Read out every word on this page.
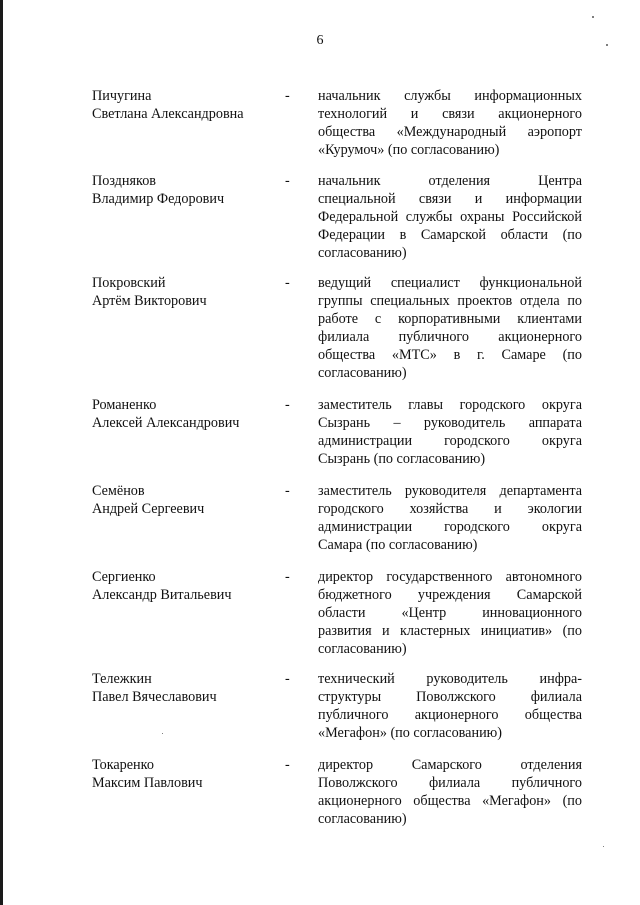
6
Пичугина
Светлана Александровна
- начальник службы информационных
технологий и связи акционерного
общества «Международный аэропорт
«Курумоч» (по согласованию)
Поздняков
Владимир Федорович
- начальник отделения Центра
специальной связи и информации
Федеральной службы охраны Российской
Федерации в Самарской области (по
согласованию)
Покровский
Артём Викторович
- ведущий специалист функциональной
группы специальных проектов отдела по
работе с корпоративными клиентами
филиала публичного акционерного
общества «МТС» в г. Самаре (по
согласованию)
Романенко
Алексей Александрович
- заместитель главы городского округа
Сызрань – руководитель аппарата
администрации городского округа
Сызрань (по согласованию)
Семёнов
Андрей Сергеевич
- заместитель руководителя департамента
городского хозяйства и экологии
администрации городского округа
Самара (по согласованию)
Сергиенко
Александр Витальевич
- директор государственного автономного
бюджетного учреждения Самарской
области «Центр инновационного
развития и кластерных инициатив» (по
согласованию)
Тележкин
Павел Вячеславович
- технический руководитель инфра-
структуры Поволжского филиала
публичного акционерного общества
«Мегафон» (по согласованию)
Токаренко
Максим Павлович
- директор Самарского отделения
Поволжского филиала публичного
акционерного общества «Мегафон» (по
согласованию)
